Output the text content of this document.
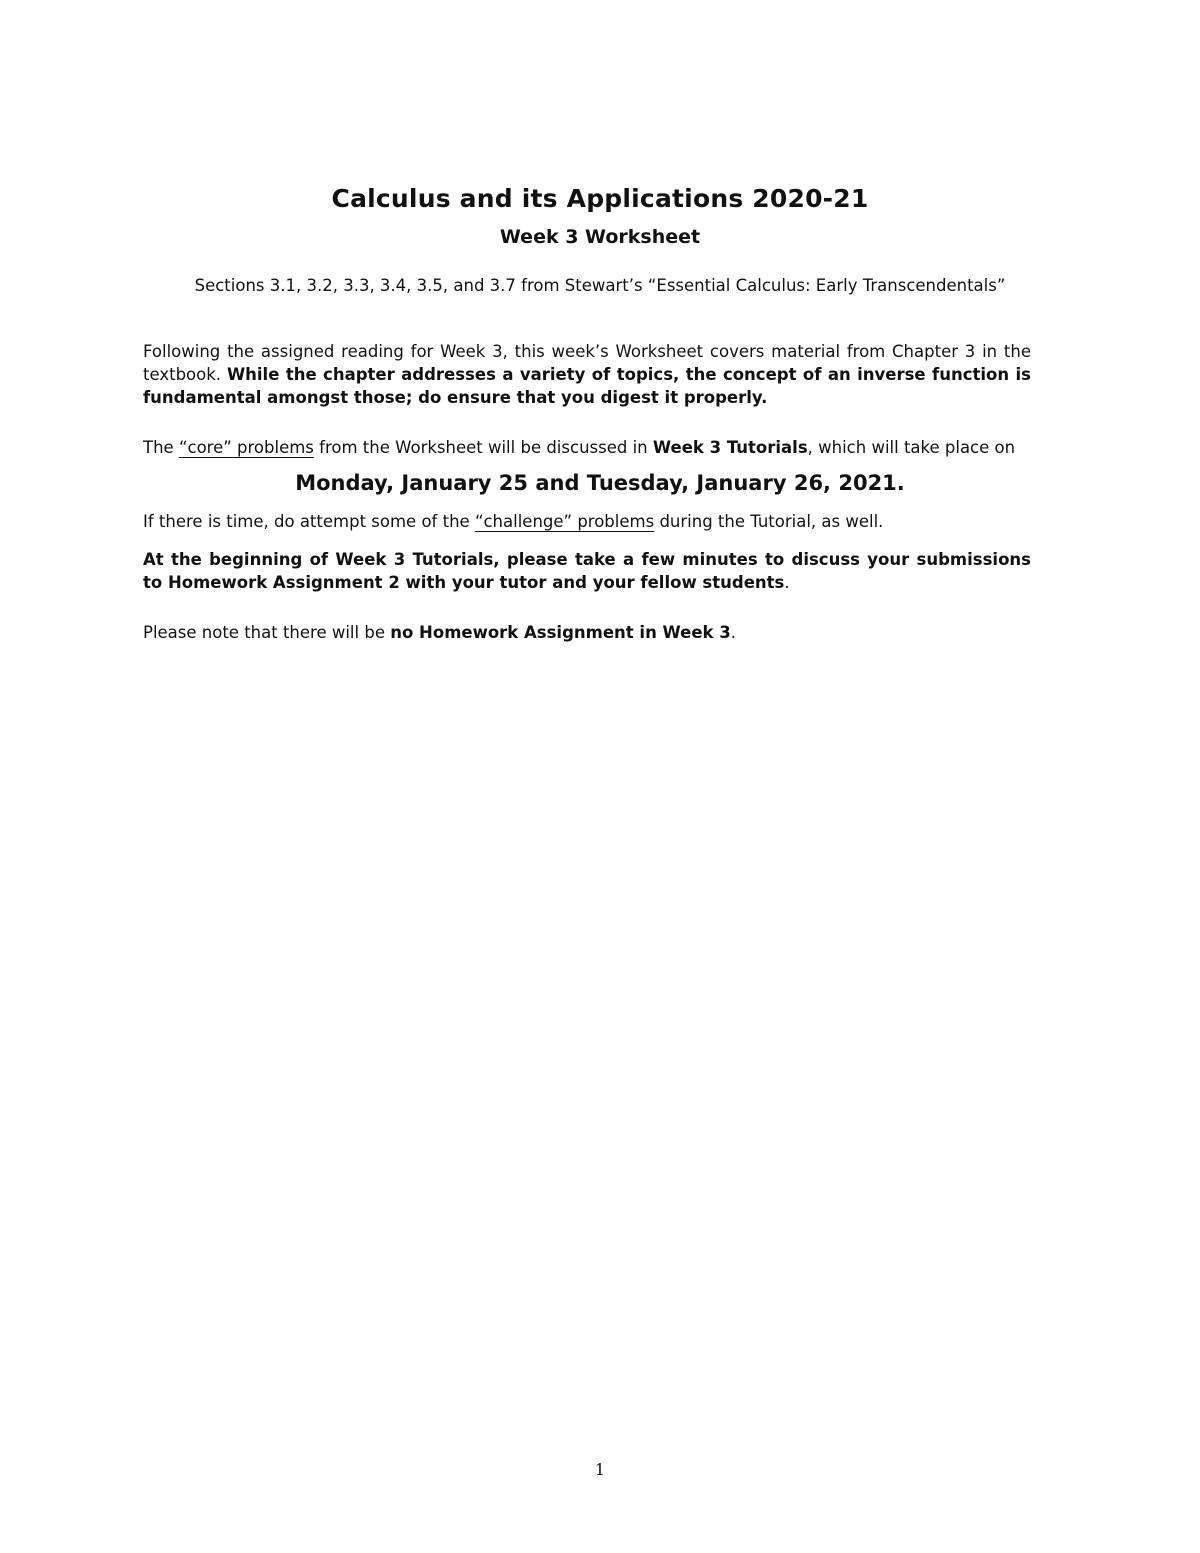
Calculus and its Applications 2020-21
Week 3 Worksheet
Sections 3.1, 3.2, 3.3, 3.4, 3.5, and 3.7 from Stewart’s “Essential Calculus: Early Transcendentals”
Following the assigned reading for Week 3, this week’s Worksheet covers material from Chapter 3 in the textbook. While the chapter addresses a variety of topics, the concept of an inverse function is fundamental amongst those; do ensure that you digest it properly.
The “core” problems from the Worksheet will be discussed in Week 3 Tutorials, which will take place on
Monday, January 25 and Tuesday, January 26, 2021.
If there is time, do attempt some of the “challenge” problems during the Tutorial, as well.
At the beginning of Week 3 Tutorials, please take a few minutes to discuss your submissions to Homework Assignment 2 with your tutor and your fellow students.
Please note that there will be no Homework Assignment in Week 3.
1
